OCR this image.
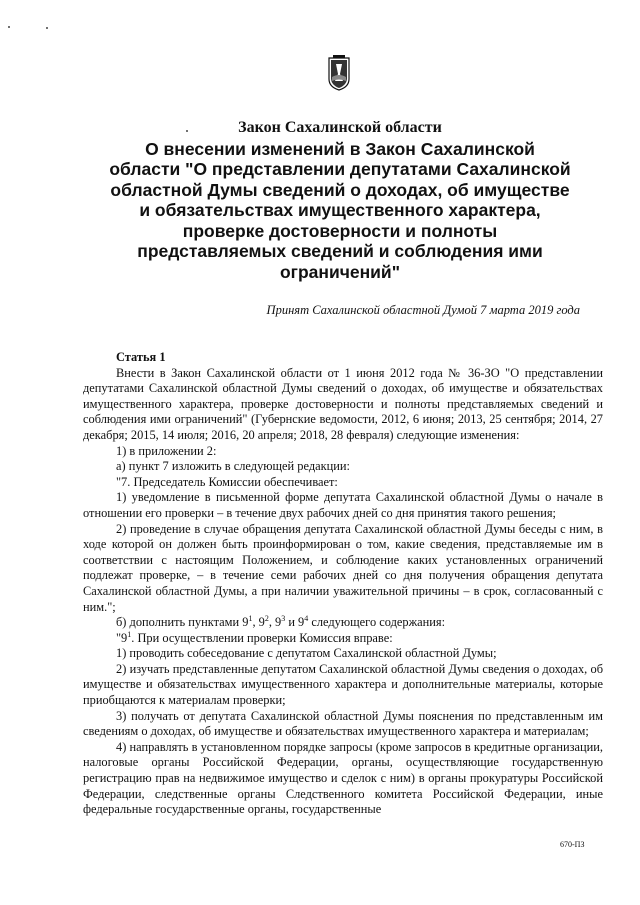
Закон Сахалинской области
О внесении изменений в Закон Сахалинской
области "О представлении депутатами Сахалинской
областной Думы сведений о доходах, об имуществе
и обязательствах имущественного характера,
проверке достоверности и полноты
представляемых сведений и соблюдения ими
ограничений"
Принят Сахалинской областной Думой 7 марта 2019 года

Статья 1

Внести в Закон Сахалинской области от 1 июня 2012 года № 36-ЗО "О представлении депутатами Сахалинской областной Думы сведений о доходах, об имуществе и обязательствах имущественного характера, проверке достоверности и полноты представляемых сведений и соблюдения ими ограничений" (Губернские ведомости, 2012, 6 июня; 2013, 25 сентября; 2014, 27 декабря; 2015, 14 июля; 2016, 20 апреля; 2018, 28 февраля) следующие изменения:

1) в приложении 2:

а) пункт 7 изложить в следующей редакции:

"7. Председатель Комиссии обеспечивает:

1) уведомление в письменной форме депутата Сахалинской областной Думы о начале в отношении его проверки – в течение двух рабочих дней со дня принятия такого решения;

2) проведение в случае обращения депутата Сахалинской областной Думы беседы с ним, в ходе которой он должен быть проинформирован о том, какие сведения, представляемые им в соответствии с настоящим Положением, и соблюдение каких установленных ограничений подлежат проверке, – в течение семи рабочих дней со дня получения обращения депутата Сахалинской областной Думы, а при наличии уважительной причины – в срок, согласованный с ним.";

б) дополнить пунктами $9^1$, $9^2$, $9^3$ и $9^4$ следующего содержания:

"$9^1$. При осуществлении проверки Комиссия вправе:

1) проводить собеседование с депутатом Сахалинской областной Думы;

2) изучать представленные депутатом Сахалинской областной Думы сведения о доходах, об имуществе и обязательствах имущественного характера и дополнительные материалы, которые приобщаются к материалам проверки;

3) получать от депутата Сахалинской областной Думы пояснения по представленным им сведениям о доходах, об имуществе и обязательствах имущественного характера и материалам;

4) направлять в установленном порядке запросы (кроме запросов в кредитные организации, налоговые органы Российской Федерации, органы, осуществляющие государственную регистрацию прав на недвижимое имущество и сделок с ним) в органы прокуратуры Российской Федерации, следственные органы Следственного комитета Российской Федерации, иные федеральные государственные органы, государственные

670-ПЗ
